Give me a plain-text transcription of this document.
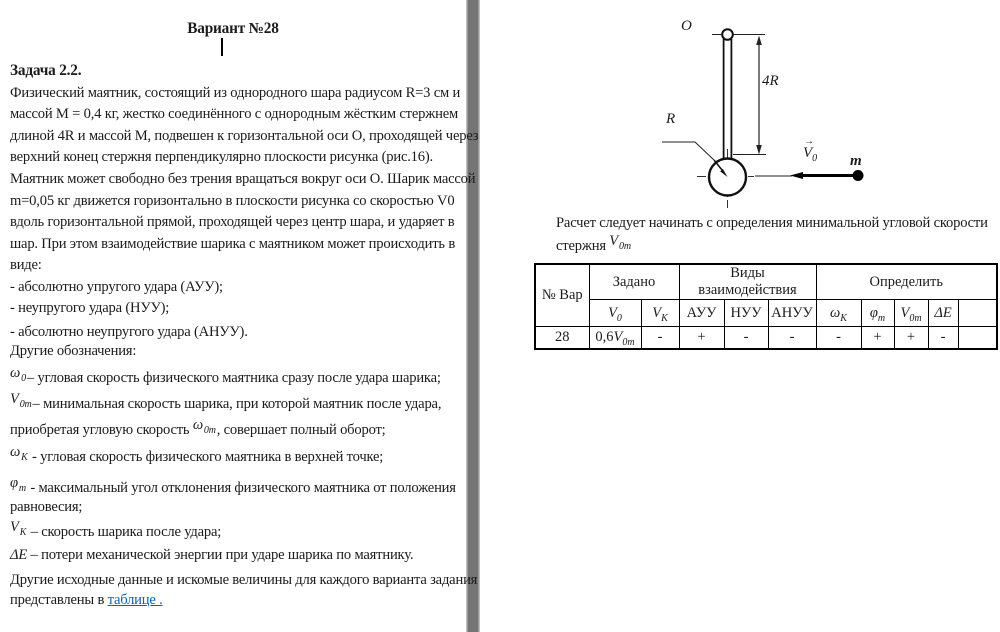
O
4R
R
→
$V_0$ m
№ Вар	Задано		Виды взаимодействия			Определить				
	$V_0$	$V_K$	АУУ	НУУ	АНУУ	$\omega_K$	$\varphi_m$	$V_{0m}$	ΔE	
28	$0,6V_{0m}$	-	+	-	-	-	+	+	-	
Вариант №28
Задача 2.2.
Физический маятник, состоящий из однородного шара радиусом R=3 см и
массой М = 0,4 кг, жестко соединённого с однородным жёстким стержнем
длиной 4R и массой М, подвешен к горизонтальной оси О, проходящей через
верхний конец стержня перпендикулярно плоскости рисунка (рис.16).
Маятник может свободно без трения вращаться вокруг оси О. Шарик массой
m=0,05 кг движется горизонтально в плоскости рисунка со скоростью V0
вдоль горизонтальной прямой, проходящей через центр шара, и ударяет в
шар. При этом взаимодействие шарика с маятником может происходить в
виде:
- абсолютно упругого удара (АУУ);
- неупругого удара (НУУ);
- абсолютно неупругого удара (АНУУ).
Другие обозначения:
$\omega_0-$ угловая скорость физического маятника сразу после удара шарика;
$V_{0m}-$ минимальная скорость шарика, при которой маятник после удара,
приобретая угловую скорость $\omega_{0m}$, совершает полный оборот;
$\omega_K$ - угловая скорость физического маятника в верхней точке;
$\varphi_m$ - максимальный угол отклонения физического маятника от положения
равновесия;
$V_K$ – скорость шарика после удара;
ΔE – потери механической энергии при ударе шарика по маятнику.
Другие исходные данные и искомые величины для каждого варианта задания
представлены в таблице .
Расчет следует начинать с определения минимальной угловой скорости
стержня $V_{0m}$
